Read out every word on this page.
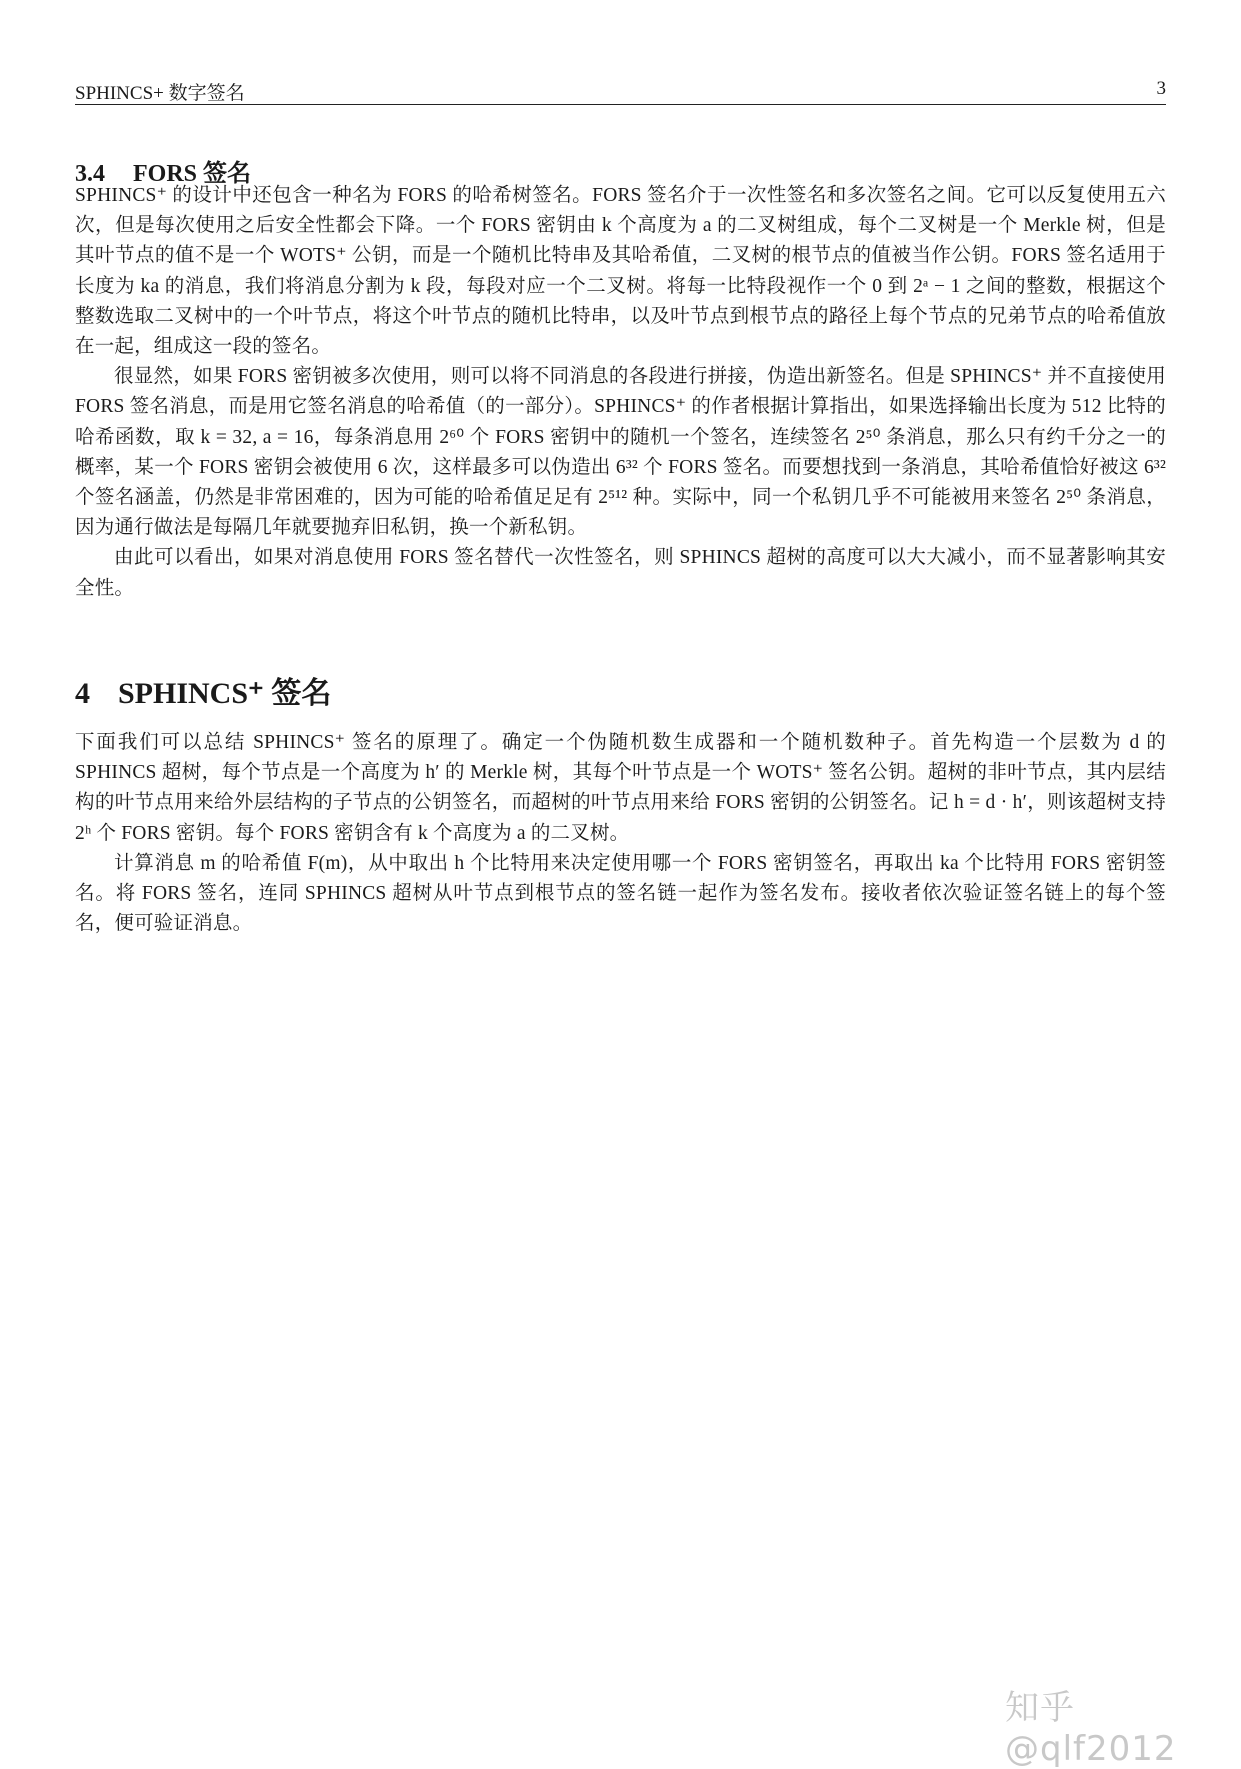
SPHINCS+ 数字签名	3
3.4 FORS 签名

SPHINCS⁺ 的设计中还包含一种名为 FORS 的哈希树签名。FORS 签名介于一次性签名和多次签名之间。它可以反复使用五六次，但是每次使用之后安全性都会下降。一个 FORS 密钥由 k 个高度为 a 的二叉树组成，每个二叉树是一个 Merkle 树，但是其叶节点的值不是一个 WOTS⁺ 公钥，而是一个随机比特串及其哈希值，二叉树的根节点的值被当作公钥。FORS 签名适用于长度为 ka 的消息，我们将消息分割为 k 段，每段对应一个二叉树。将每一比特段视作一个 0 到 2ᵃ − 1 之间的整数，根据这个整数选取二叉树中的一个叶节点，将这个叶节点的随机比特串，以及叶节点到根节点的路径上每个节点的兄弟节点的哈希值放在一起，组成这一段的签名。

很显然，如果 FORS 密钥被多次使用，则可以将不同消息的各段进行拼接，伪造出新签名。但是 SPHINCS⁺ 并不直接使用 FORS 签名消息，而是用它签名消息的哈希值（的一部分）。SPHINCS⁺ 的作者根据计算指出，如果选择输出长度为 512 比特的哈希函数，取 k = 32, a = 16，每条消息用 2⁶⁰ 个 FORS 密钥中的随机一个签名，连续签名 2⁵⁰ 条消息，那么只有约千分之一的概率，某一个 FORS 密钥会被使用 6 次，这样最多可以伪造出 6³² 个 FORS 签名。而要想找到一条消息，其哈希值恰好被这 6³² 个签名涵盖，仍然是非常困难的，因为可能的哈希值足足有 2⁵¹² 种。实际中，同一个私钥几乎不可能被用来签名 2⁵⁰ 条消息，因为通行做法是每隔几年就要抛弃旧私钥，换一个新私钥。

由此可以看出，如果对消息使用 FORS 签名替代一次性签名，则 SPHINCS 超树的高度可以大大减小，而不显著影响其安全性。

4 SPHINCS⁺ 签名

下面我们可以总结 SPHINCS⁺ 签名的原理了。确定一个伪随机数生成器和一个随机数种子。首先构造一个层数为 d 的 SPHINCS 超树，每个节点是一个高度为 h′ 的 Merkle 树，其每个叶节点是一个 WOTS⁺ 签名公钥。超树的非叶节点，其内层结构的叶节点用来给外层结构的子节点的公钥签名，而超树的叶节点用来给 FORS 密钥的公钥签名。记 h = d · h′，则该超树支持 2ʰ 个 FORS 密钥。每个 FORS 密钥含有 k 个高度为 a 的二叉树。

计算消息 m 的哈希值 F(m)，从中取出 h 个比特用来决定使用哪一个 FORS 密钥签名，再取出 ka 个比特用 FORS 密钥签名。将 FORS 签名，连同 SPHINCS 超树从叶节点到根节点的签名链一起作为签名发布。接收者依次验证签名链上的每个签名，便可验证消息。

知乎 @qlf2012
